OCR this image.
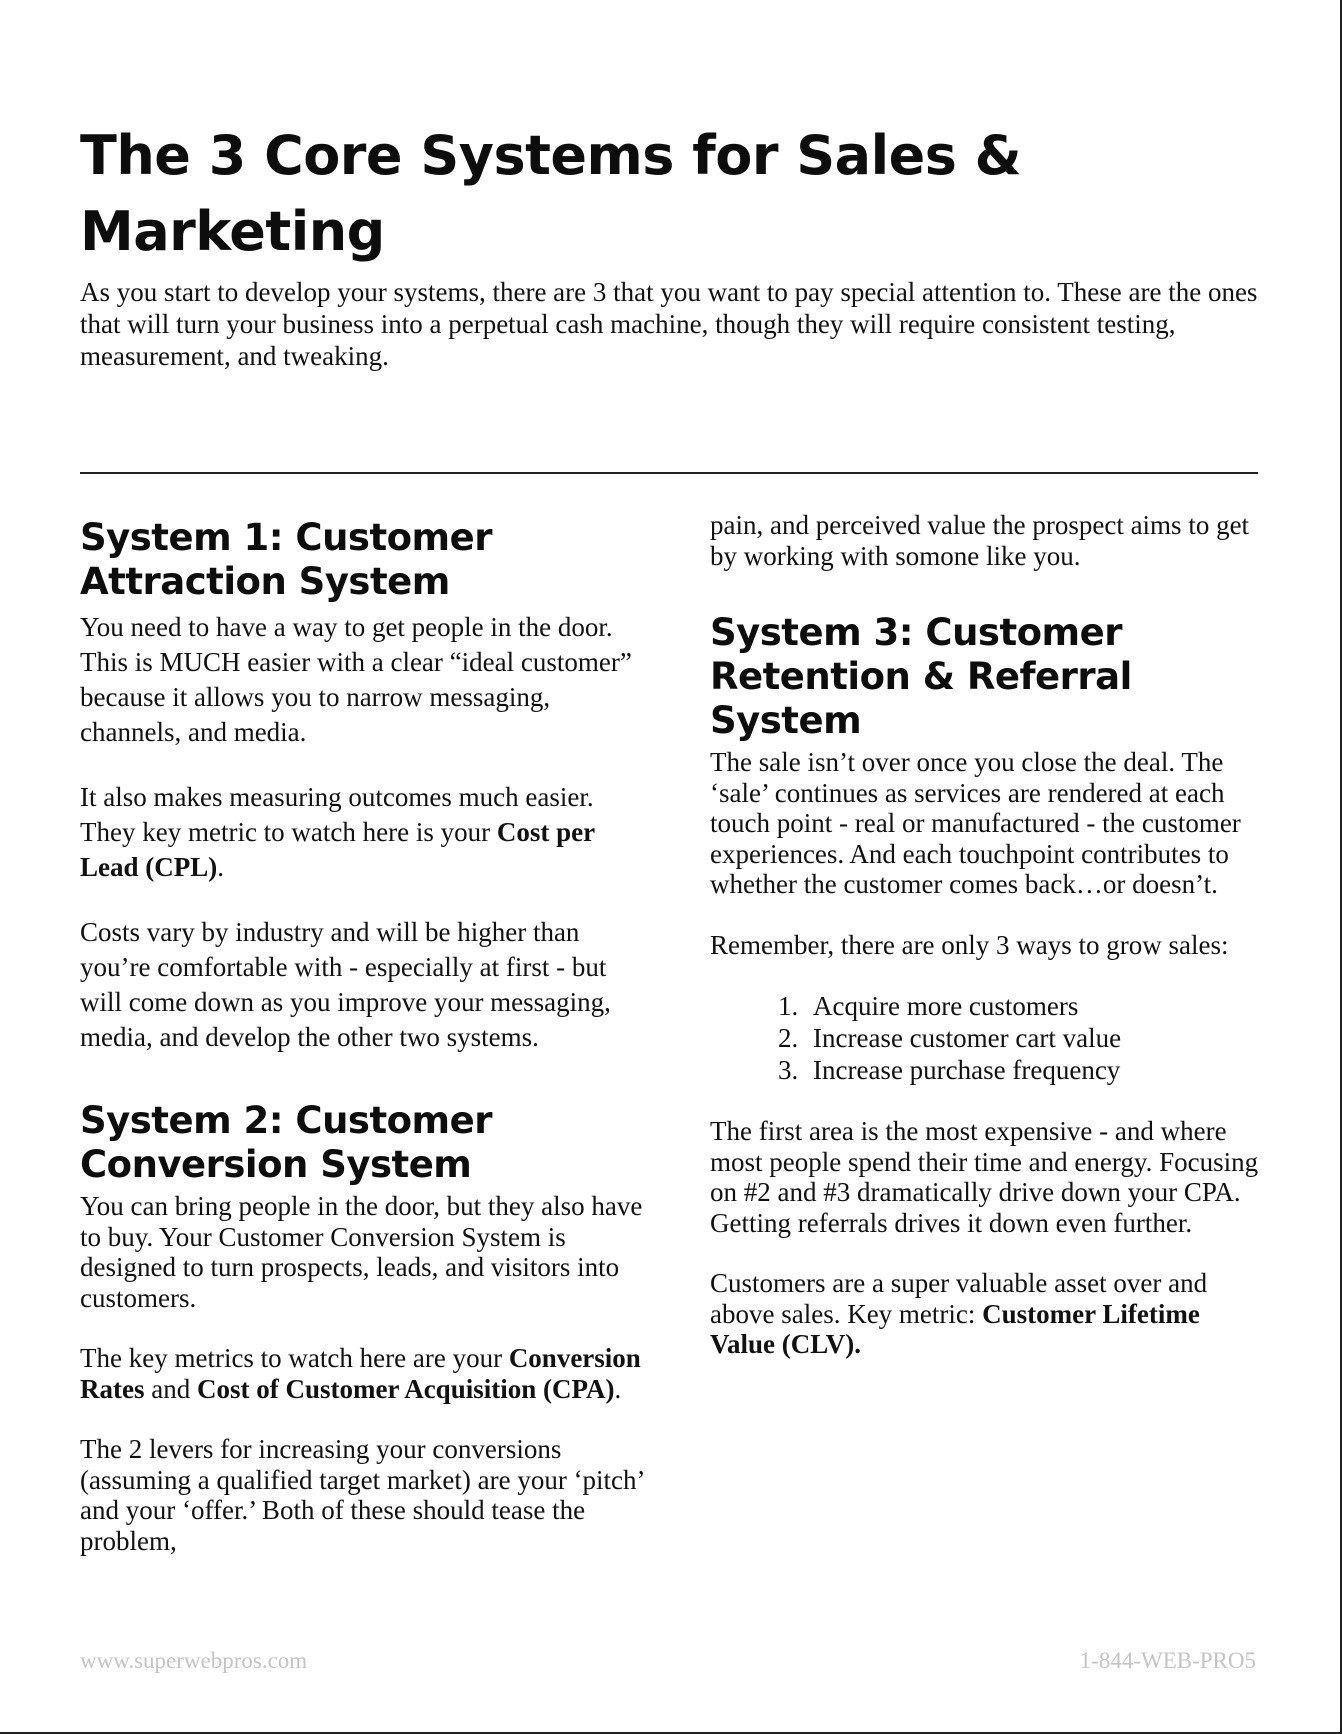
The 3 Core Systems for Sales & Marketing

As you start to develop your systems, there are 3 that you want to pay special attention to. These are the ones that will turn your business into a perpetual cash machine, though they will require consistent testing, measurement, and tweaking.

System 1: Customer Attraction System

You need to have a way to get people in the door. This is MUCH easier with a clear “ideal customer” because it allows you to narrow messaging, channels, and media.

It also makes measuring outcomes much easier. They key metric to watch here is your Cost per Lead (CPL).

Costs vary by industry and will be higher than you’re comfortable with - especially at first - but will come down as you improve your messaging, media, and develop the other two systems.

System 2: Customer Conversion System

You can bring people in the door, but they also have to buy. Your Customer Conversion System is designed to turn prospects, leads, and visitors into customers.

The key metrics to watch here are your Conversion Rates and Cost of Customer Acquisition (CPA).

The 2 levers for increasing your conversions (assuming a qualified target market) are your ‘pitch’ and your ‘offer.’ Both of these should tease the problem,

pain, and perceived value the prospect aims to get by working with somone like you.

System 3: Customer Retention & Referral System

The sale isn’t over once you close the deal. The ‘sale’ continues as services are rendered at each touch point - real or manufactured - the customer experiences. And each touchpoint contributes to whether the customer comes back…or doesn’t.

Remember, there are only 3 ways to grow sales:

1. Acquire more customers
2. Increase customer cart value
3. Increase purchase frequency

The first area is the most expensive - and where most people spend their time and energy. Focusing on #2 and #3 dramatically drive down your CPA. Getting referrals drives it down even further.

Customers are a super valuable asset over and above sales. Key metric: Customer Lifetime Value (CLV).

www.superwebpros.com	1-844-WEB-PRO5
